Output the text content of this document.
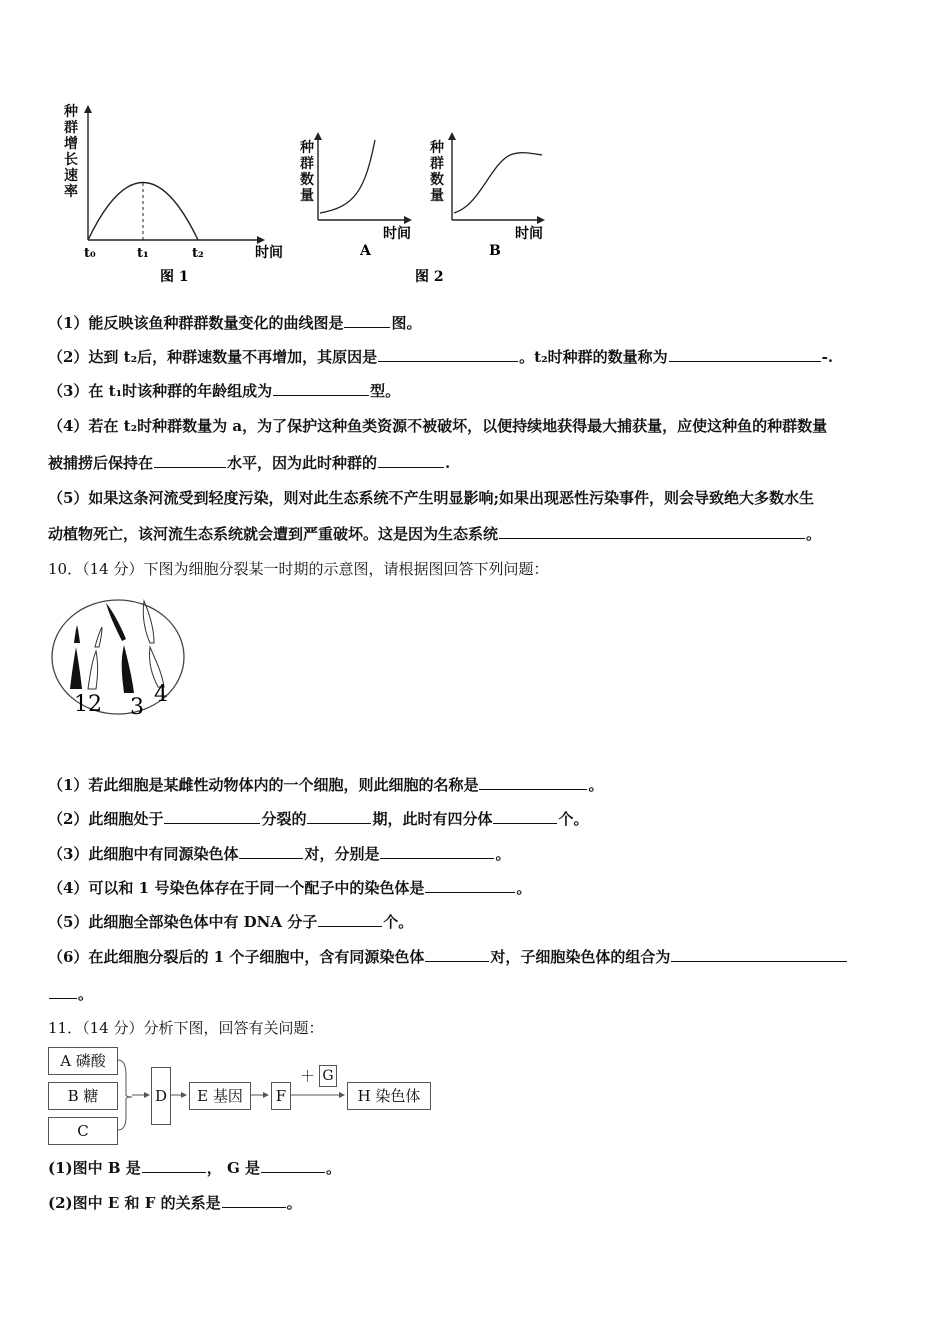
t₀	t₁	t₂	时间
图 1
时间
A
时间
B
图 2
种群增长速率
种群数量
种群数量
（1）能反映该鱼种群群数量变化的曲线图是	图。
（2）达到 t₂后，种群速数量不再增加，其原因是	。t₂时种群的数量称为	-.
（3）在 t₁时该种群的年龄组成为	型。
（4）若在 t₂时种群数量为 a，为了保护这种鱼类资源不被破坏，以便持续地获得最大捕获量，应使这种鱼的种群数量
被捕捞后保持在	水平，因为此时种群的	.
（5）如果这条河流受到轻度污染，则对此生态系统不产生明显影响;如果出现恶性污染事件，则会导致绝大多数水生
动植物死亡，该河流生态系统就会遭到严重破坏。这是因为生态系统	。
10．（14 分）下图为细胞分裂某一时期的示意图，请根据图回答下列问题：
1 2 3
4
（1）若此细胞是某雌性动物体内的一个细胞，则此细胞的名称是	。
（2）此细胞处于	分裂的	期，此时有四分体	个。
（3）此细胞中有同源染色体	对，分别是	。
（4）可以和 1 号染色体存在于同一个配子中的染色体是	。
（5）此细胞全部染色体中有 DNA 分子	个。
（6）在此细胞分裂后的 1 个子细胞中，含有同源染色体	对，子细胞染色体的组合为
。
11．（14 分）分析下图，回答有关问题：
A 磷酸
B 糖
C
D	E 基因	F
＋ G
H 染色体
(1)图中 B 是	， G 是	。
(2)图中 E 和 F 的关系是	。
